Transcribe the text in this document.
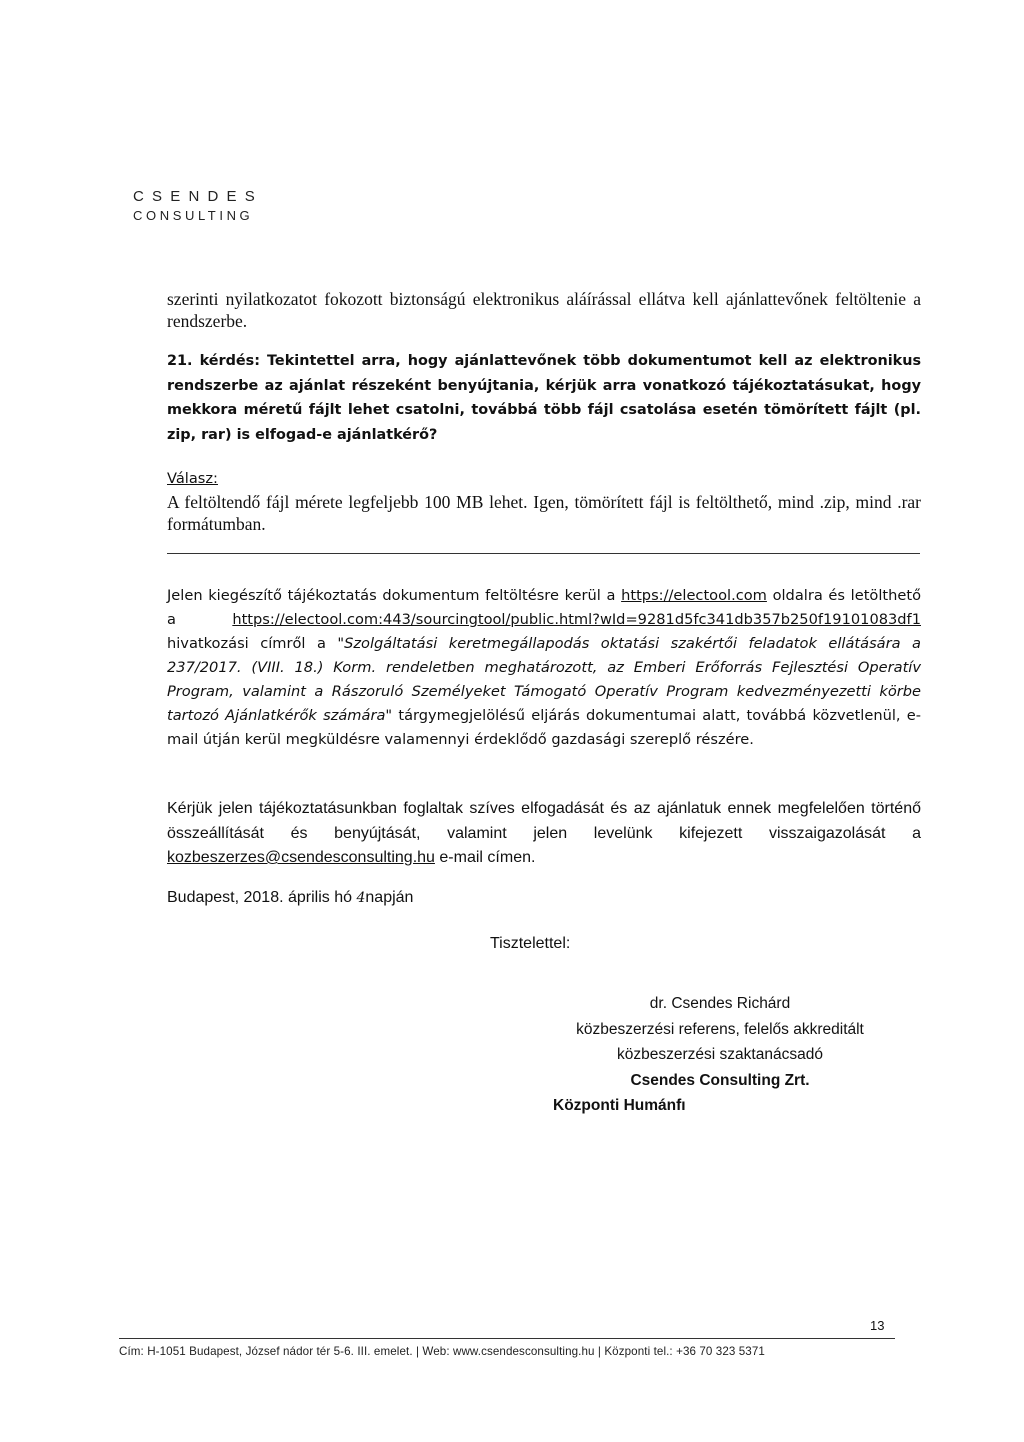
CSENDES
CONSULTING
szerinti nyilatkozatot fokozott biztonságú elektronikus aláírással ellátva kell ajánlattevőnek feltöltenie a rendszerbe.
21. kérdés: Tekintettel arra, hogy ajánlattevőnek több dokumentumot kell az elektronikus rendszerbe az ajánlat részeként benyújtania, kérjük arra vonatkozó tájékoztatásukat, hogy mekkora méretű fájlt lehet csatolni, továbbá több fájl csatolása esetén tömörített fájlt (pl. zip, rar) is elfogad-e ajánlatkérő?
Válasz:
A feltöltendő fájl mérete legfeljebb 100 MB lehet. Igen, tömörített fájl is feltölthető, mind .zip, mind .rar formátumban.
Jelen kiegészítő tájékoztatás dokumentum feltöltésre kerül a https://electool.com oldalra és letölthető a	https://electool.com:443/sourcingtool/public.html?wId=9281d5fc341db357b250f19101083df1 hivatkozási címről a "Szolgáltatási keretmegállapodás oktatási szakértői feladatok ellátására a 237/2017. (VIII. 18.) Korm. rendeletben meghatározott, az Emberi Erőforrás Fejlesztési Operatív Program, valamint a Rászoruló Személyeket Támogató Operatív Program kedvezményezetti körbe tartozó Ajánlatkérők számára" tárgymegjelölésű eljárás dokumentumai alatt, továbbá közvetlenül, e-mail útján kerül megküldésre valamennyi érdeklődő gazdasági szereplő részére.
Kérjük jelen tájékoztatásunkban foglaltak szíves elfogadását és az ajánlatuk ennek megfelelően történő összeállítását és benyújtását, valamint jelen levelünk kifejezett visszaigazolását a kozbeszerzes@csendesconsulting.hu e-mail címen.
Budapest, 2018. április hó 4napján
Tisztelettel:
dr. Csendes Richárd
közbeszerzési referens, felelős akkreditált
közbeszerzési szaktanácsadó
Csendes Consulting Zrt.
Központi Humánfı
13
Cím: H-1051 Budapest, József nádor tér 5-6. III. emelet. | Web: www.csendesconsulting.hu | Központi tel.: +36 70 323 5371
